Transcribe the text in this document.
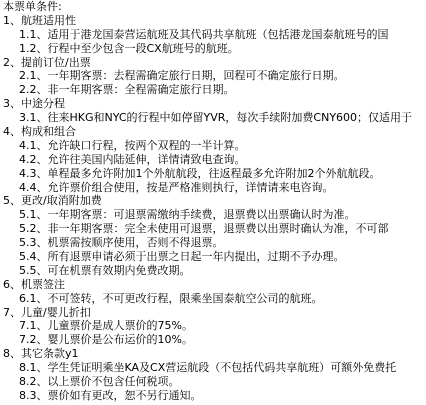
本票单条件:
1、航班适用性
1.1、适用于港龙国泰营运航班及其代码共享航班（包括港龙国泰航班号的国
1.2、行程中至少包含一段CX航班号的航班。
2、提前订位/出票
2.1、一年期客票：去程需确定旅行日期，回程可不确定旅行日期。
2.2、非一年期客票：全程需确定旅行日期。
3、中途分程
3.1、往来HKG和NYC的行程中如停留YVR，每次手续附加费CNY600；仅适用于
4、构成和组合
4.1、允许缺口行程，按两个双程的一半计算。
4.2、允许往美国内陆延伸，详情请致电查询。
4.3、单程最多允许附加1个外航航段，往返程最多允许附加2个外航航段。
4.4、允许票价组合使用，按是严格准则执行，详情请来电咨询。
5、更改/取消附加费
5.1、一年期客票：可退票需缴纳手续费，退票费以出票确认时为准。
5.2、非一年期客票：完全未使用可退票，退票费以出票时确认为准，不可部
5.3、机票需按顺序使用，否则不得退票。
5.4、所有退票申请必须于出票之日起一年内提出，过期不予办理。
5.5、可在机票有效期内免费改期。
6、机票签注
6.1、不可签转，不可更改行程，限乘坐国泰航空公司的航班。
7、儿童/婴儿折扣
7.1、儿童票价是成人票价的75%。
7.2、婴儿票价是公布运价的10%。
8、其它条款y1
8.1、学生凭证明乘坐KA及CX营运航段（不包括代码共享航班）可额外免费托
8.2、以上票价不包含任何税项。
8.3、票价如有更改，恕不另行通知。
